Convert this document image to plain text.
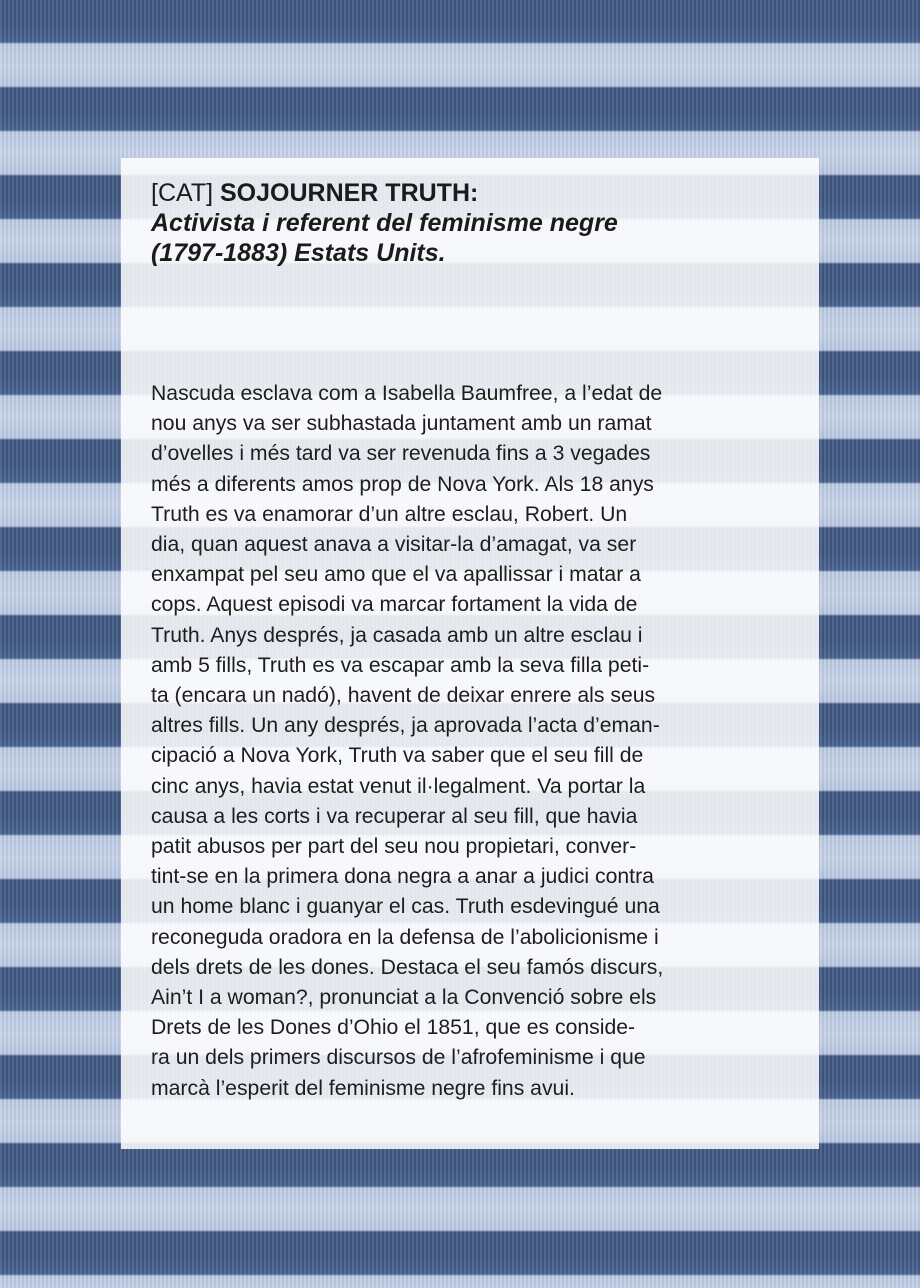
[CAT] SOJOURNER TRUTH:
Activista i referent del feminisme negre
(1797-1883) Estats Units.

Nascuda esclava com a Isabella Baumfree, a l’edat de
nou anys va ser subhastada juntament amb un ramat
d’ovelles i més tard va ser revenuda fins a 3 vegades
més a diferents amos prop de Nova York. Als 18 anys
Truth es va enamorar d’un altre esclau, Robert. Un
dia, quan aquest anava a visitar-la d’amagat, va ser
enxampat pel seu amo que el va apallissar i matar a
cops. Aquest episodi va marcar fortament la vida de
Truth. Anys després, ja casada amb un altre esclau i
amb 5 fills, Truth es va escapar amb la seva filla peti-
ta (encara un nadó), havent de deixar enrere als seus
altres fills. Un any després, ja aprovada l’acta d’eman-
cipació a Nova York, Truth va saber que el seu fill de
cinc anys, havia estat venut il·legalment. Va portar la
causa a les corts i va recuperar al seu fill, que havia
patit abusos per part del seu nou propietari, conver-
tint-se en la primera dona negra a anar a judici contra
un home blanc i guanyar el cas. Truth esdevingué una
reconeguda oradora en la defensa de l’abolicionisme i
dels drets de les dones. Destaca el seu famós discurs,
Ain’t I a woman?, pronunciat a la Convenció sobre els
Drets de les Dones d’Ohio el 1851, que es conside-
ra un dels primers discursos de l’afrofeminisme i que
marcà l’esperit del feminisme negre fins avui.
